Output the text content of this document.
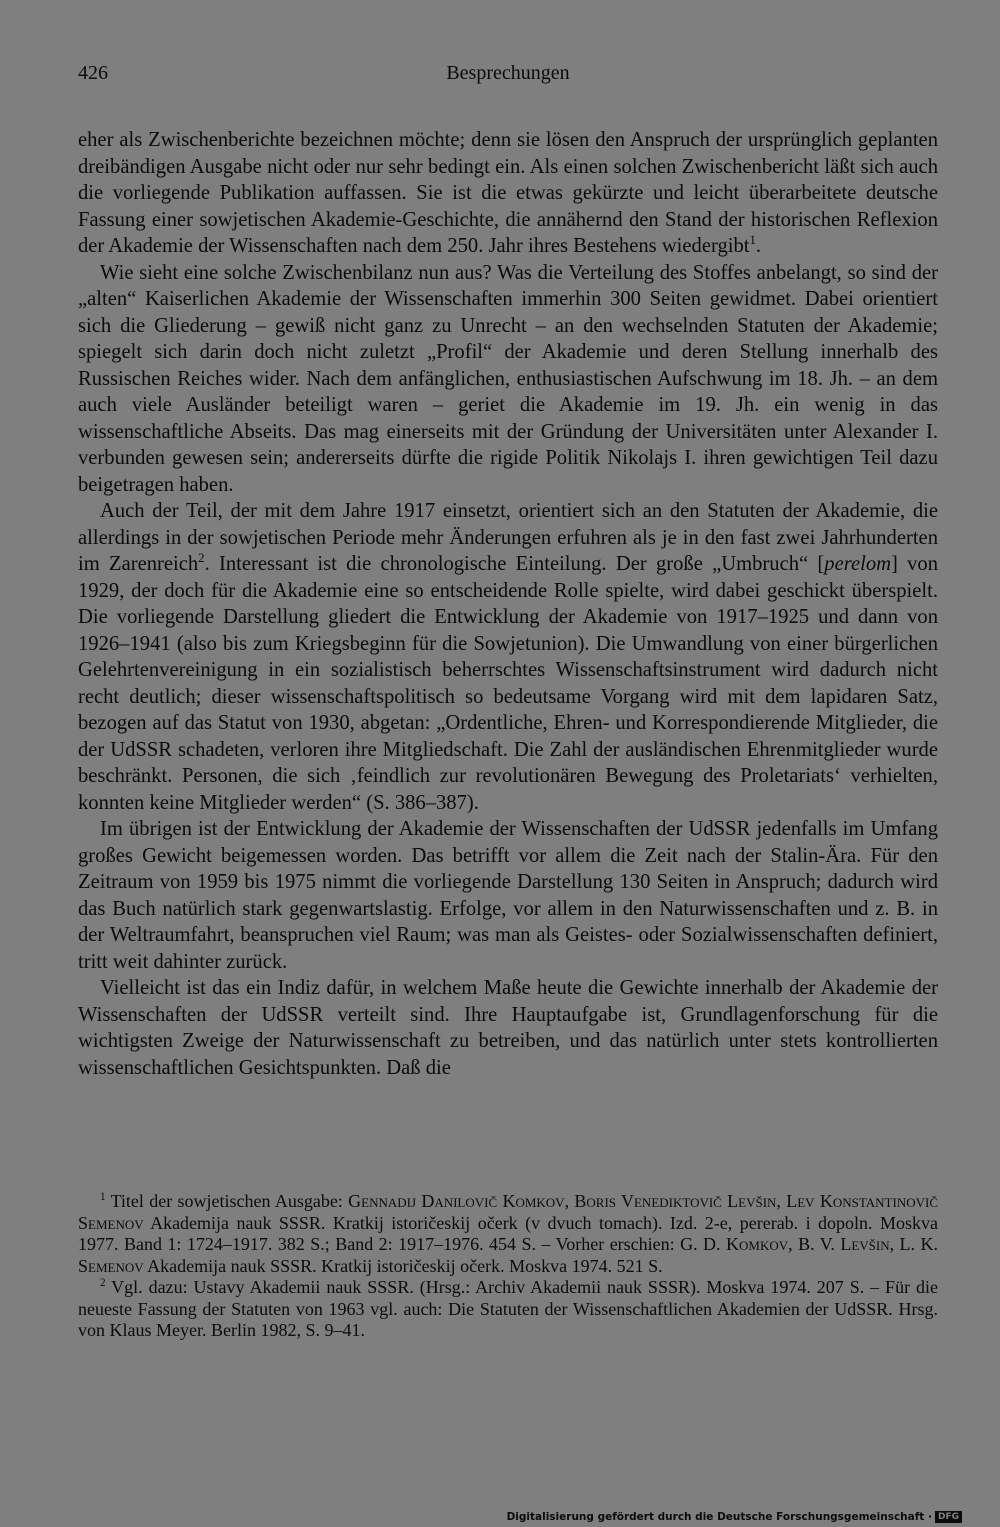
426	Besprechungen

eher als Zwischenberichte bezeichnen möchte; denn sie lösen den Anspruch der ursprünglich geplanten dreibändigen Ausgabe nicht oder nur sehr bedingt ein. Als einen solchen Zwischenbericht läßt sich auch die vorliegende Publikation auffassen. Sie ist die etwas gekürzte und leicht überarbeitete deutsche Fassung einer sowjetischen Akademie-Geschichte, die annähernd den Stand der historischen Reflexion der Akademie der Wissenschaften nach dem 250. Jahr ihres Bestehens wiedergibt$^1$.

Wie sieht eine solche Zwischenbilanz nun aus? Was die Verteilung des Stoffes anbelangt, so sind der „alten“ Kaiserlichen Akademie der Wissenschaften immerhin 300 Seiten gewidmet. Dabei orientiert sich die Gliederung – gewiß nicht ganz zu Unrecht – an den wechselnden Statuten der Akademie; spiegelt sich darin doch nicht zuletzt „Profil“ der Akademie und deren Stellung innerhalb des Russischen Reiches wider. Nach dem anfänglichen, enthusiastischen Aufschwung im 18. Jh. – an dem auch viele Ausländer beteiligt waren – geriet die Akademie im 19. Jh. ein wenig in das wissenschaftliche Abseits. Das mag einerseits mit der Gründung der Universitäten unter Alexander I. verbunden gewesen sein; andererseits dürfte die rigide Politik Nikolajs I. ihren gewichtigen Teil dazu beigetragen haben.

Auch der Teil, der mit dem Jahre 1917 einsetzt, orientiert sich an den Statuten der Akademie, die allerdings in der sowjetischen Periode mehr Änderungen erfuhren als je in den fast zwei Jahrhunderten im Zarenreich$^2$. Interessant ist die chronologische Einteilung. Der große „Umbruch“ [perelom] von 1929, der doch für die Akademie eine so entscheidende Rolle spielte, wird dabei geschickt überspielt. Die vorliegende Darstellung gliedert die Entwicklung der Akademie von 1917–1925 und dann von 1926–1941 (also bis zum Kriegsbeginn für die Sowjetunion). Die Umwandlung von einer bürgerlichen Gelehrtenvereinigung in ein sozialistisch beherrschtes Wissenschaftsinstrument wird dadurch nicht recht deutlich; dieser wissenschaftspolitisch so bedeutsame Vorgang wird mit dem lapidaren Satz, bezogen auf das Statut von 1930, abgetan: „Ordentliche, Ehren- und Korrespondierende Mitglieder, die der UdSSR schadeten, verloren ihre Mitgliedschaft. Die Zahl der ausländischen Ehrenmitglieder wurde beschränkt. Personen, die sich ‚feindlich zur revolutionären Bewegung des Proletariats‘ verhielten, konnten keine Mitglieder werden“ (S. 386–387).

Im übrigen ist der Entwicklung der Akademie der Wissenschaften der UdSSR jedenfalls im Umfang großes Gewicht beigemessen worden. Das betrifft vor allem die Zeit nach der Stalin-Ära. Für den Zeitraum von 1959 bis 1975 nimmt die vorliegende Darstellung 130 Seiten in Anspruch; dadurch wird das Buch natürlich stark gegenwartslastig. Erfolge, vor allem in den Naturwissenschaften und z. B. in der Weltraumfahrt, beanspruchen viel Raum; was man als Geistes- oder Sozialwissenschaften definiert, tritt weit dahinter zurück.

Vielleicht ist das ein Indiz dafür, in welchem Maße heute die Gewichte innerhalb der Akademie der Wissenschaften der UdSSR verteilt sind. Ihre Hauptaufgabe ist, Grundlagenforschung für die wichtigsten Zweige der Naturwissenschaft zu betreiben, und das natürlich unter stets kontrollierten wissenschaftlichen Gesichtspunkten. Daß die

$^1$ Titel der sowjetischen Ausgabe: Gennadij Danilovič Komkov, Boris Venediktovič Levšin, Lev Konstantinovič Semenov Akademija nauk SSSR. Kratkij istoričeskij očerk (v dvuch tomach). Izd. 2-e, pererab. i dopoln. Moskva 1977. Band 1: 1724–1917. 382 S.; Band 2: 1917–1976. 454 S. – Vorher erschien: G. D. Komkov, B. V. Levšin, L. K. Semenov Akademija nauk SSSR. Kratkij istoričeskij očerk. Moskva 1974. 521 S.

$^2$ Vgl. dazu: Ustavy Akademii nauk SSSR. (Hrsg.: Archiv Akademii nauk SSSR). Moskva 1974. 207 S. – Für die neueste Fassung der Statuten von 1963 vgl. auch: Die Statuten der Wissenschaftlichen Akademien der UdSSR. Hrsg. von Klaus Meyer. Berlin 1982, S. 9–41.

Digitalisierung gefördert durch die Deutsche Forschungsgemeinschaft · DFG
